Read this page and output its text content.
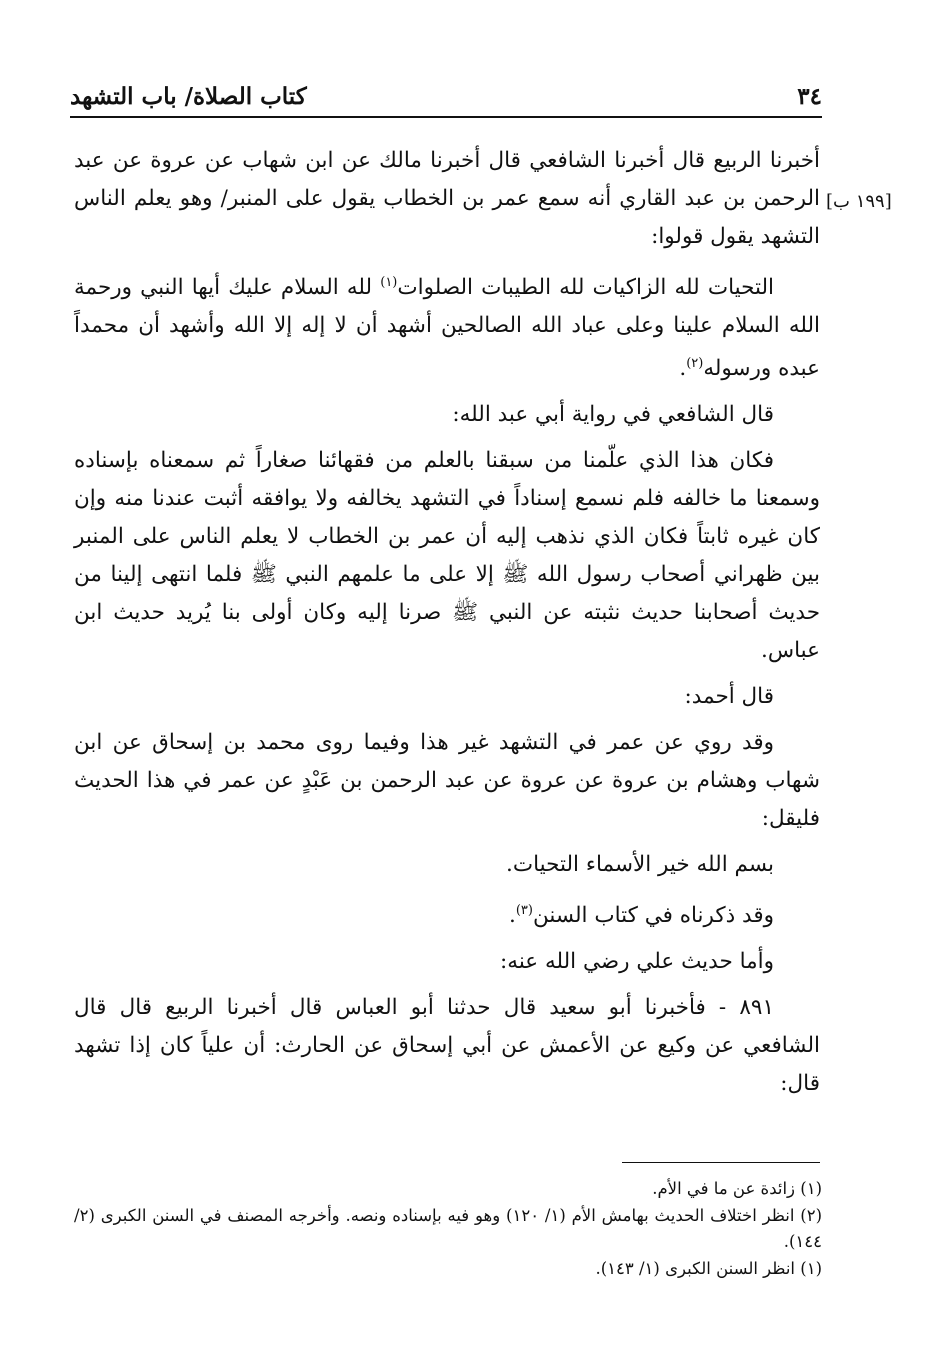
٣٤
كتاب الصلاة/ باب التشهد
[١٩٩ ب]

أخبرنا الربيع قال أخبرنا الشافعي قال أخبرنا مالك عن ابن شهاب عن عروة عن عبد الرحمن بن عبد القاري أنه سمع عمر بن الخطاب يقول على المنبر/ وهو يعلم الناس التشهد يقول قولوا:

التحيات لله الزاكيات لله الطيبات الصلوات$^{(١)}$ لله السلام عليك أيها النبي ورحمة الله السلام علينا وعلى عباد الله الصالحين أشهد أن لا إله إلا الله وأشهد أن محمداً عبده ورسوله$^{(٢)}$.

قال الشافعي في رواية أبي عبد الله:

فكان هذا الذي علّمنا من سبقنا بالعلم من فقهائنا صغاراً ثم سمعناه بإسناده وسمعنا ما خالفه فلم نسمع إسناداً في التشهد يخالفه ولا يوافقه أثبت عندنا منه وإن كان غيره ثابتاً فكان الذي نذهب إليه أن عمر بن الخطاب لا يعلم الناس على المنبر بين ظهراني أصحاب رسول الله ﷺ إلا على ما علمهم النبي ﷺ فلما انتهى إلينا من حديث أصحابنا حديث نثبته عن النبي ﷺ صرنا إليه وكان أولى بنا يُريد حديث ابن عباس.

قال أحمد:

وقد روي عن عمر في التشهد غير هذا وفيما روى محمد بن إسحاق عن ابن شهاب وهشام بن عروة عن عروة عن عبد الرحمن بن عَبْدٍ عن عمر في هذا الحديث فليقل:

بسم الله خير الأسماء التحيات.

وقد ذكرناه في كتاب السنن$^{(٣)}$.

وأما حديث علي رضي الله عنه:

٨٩١ - فأخبرنا أبو سعيد قال حدثنا أبو العباس قال أخبرنا الربيع قال قال الشافعي عن وكيع عن الأعمش عن أبي إسحاق عن الحارث: أن علياً كان إذا تشهد قال:

(١) زائدة عن ما في الأم.

(٢) انظر اختلاف الحديث بهامش الأم (١/ ١٢٠) وهو فيه بإسناده ونصه. وأخرجه المصنف في السنن الكبرى (٢/ ١٤٤).

(١) انظر السنن الكبرى (١/ ١٤٣).
